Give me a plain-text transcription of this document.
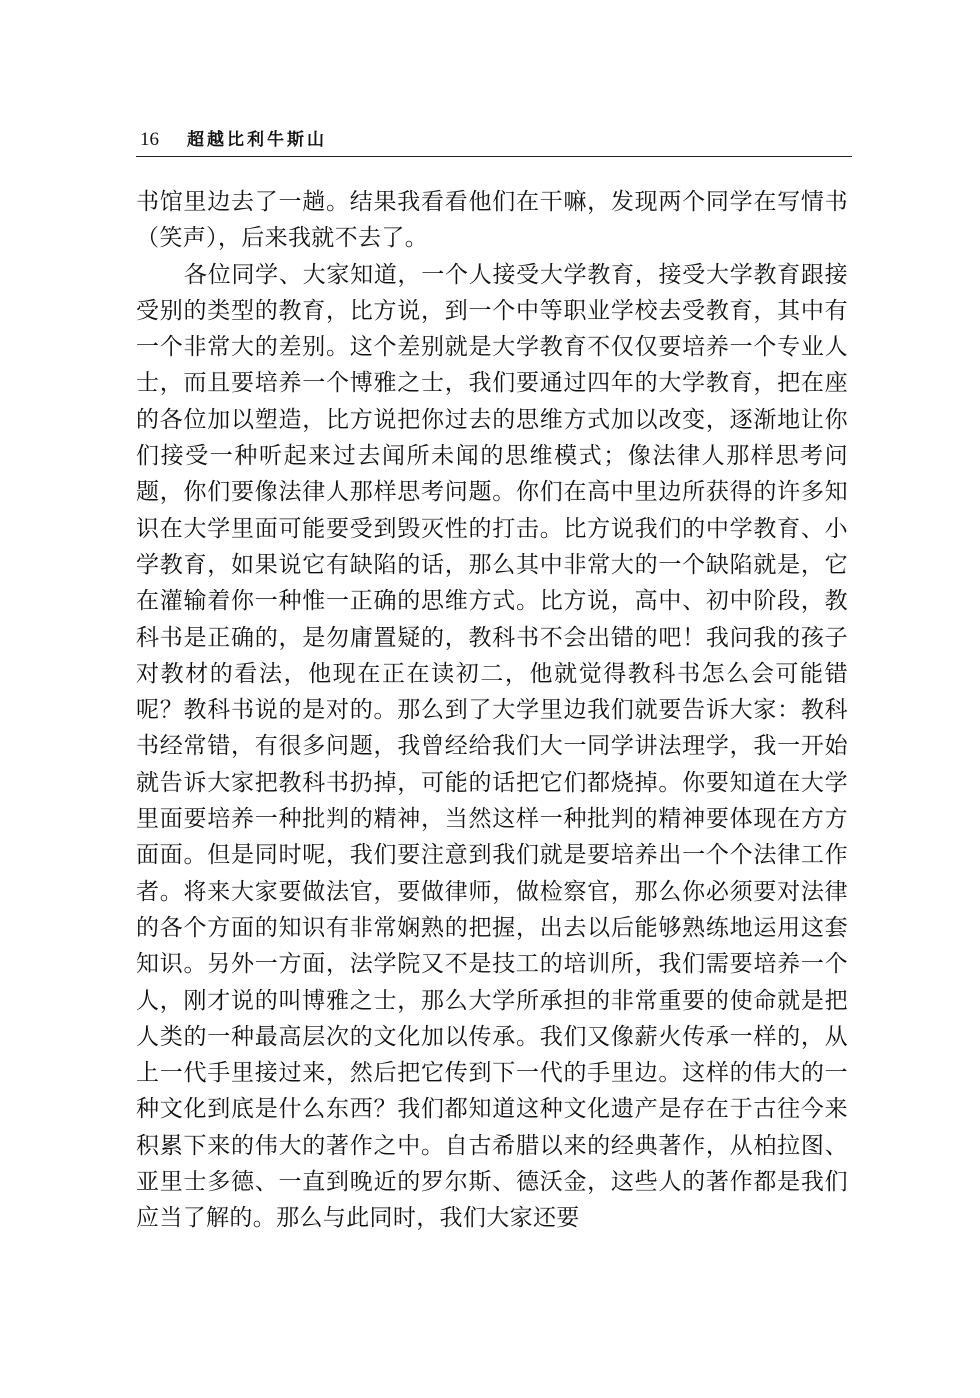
16 超越比利牛斯山

书馆里边去了一趟。结果我看看他们在干嘛，发现两个同学在写情书（笑声），后来我就不去了。

各位同学、大家知道，一个人接受大学教育，接受大学教育跟接受别的类型的教育，比方说，到一个中等职业学校去受教育，其中有一个非常大的差别。这个差别就是大学教育不仅仅要培养一个专业人士，而且要培养一个博雅之士，我们要通过四年的大学教育，把在座的各位加以塑造，比方说把你过去的思维方式加以改变，逐渐地让你们接受一种听起来过去闻所未闻的思维模式；像法律人那样思考问题，你们要像法律人那样思考问题。你们在高中里边所获得的许多知识在大学里面可能要受到毁灭性的打击。比方说我们的中学教育、小学教育，如果说它有缺陷的话，那么其中非常大的一个缺陷就是，它在灌输着你一种惟一正确的思维方式。比方说，高中、初中阶段，教科书是正确的，是勿庸置疑的，教科书不会出错的吧！我问我的孩子对教材的看法，他现在正在读初二，他就觉得教科书怎么会可能错呢？教科书说的是对的。那么到了大学里边我们就要告诉大家：教科书经常错，有很多问题，我曾经给我们大一同学讲法理学，我一开始就告诉大家把教科书扔掉，可能的话把它们都烧掉。你要知道在大学里面要培养一种批判的精神，当然这样一种批判的精神要体现在方方面面。但是同时呢，我们要注意到我们就是要培养出一个个法律工作者。将来大家要做法官，要做律师，做检察官，那么你必须要对法律的各个方面的知识有非常娴熟的把握，出去以后能够熟练地运用这套知识。另外一方面，法学院又不是技工的培训所，我们需要培养一个人，刚才说的叫博雅之士，那么大学所承担的非常重要的使命就是把人类的一种最高层次的文化加以传承。我们又像薪火传承一样的，从上一代手里接过来，然后把它传到下一代的手里边。这样的伟大的一种文化到底是什么东西？我们都知道这种文化遗产是存在于古往今来积累下来的伟大的著作之中。自古希腊以来的经典著作，从柏拉图、亚里士多德、一直到晚近的罗尔斯、德沃金，这些人的著作都是我们应当了解的。那么与此同时，我们大家还要
